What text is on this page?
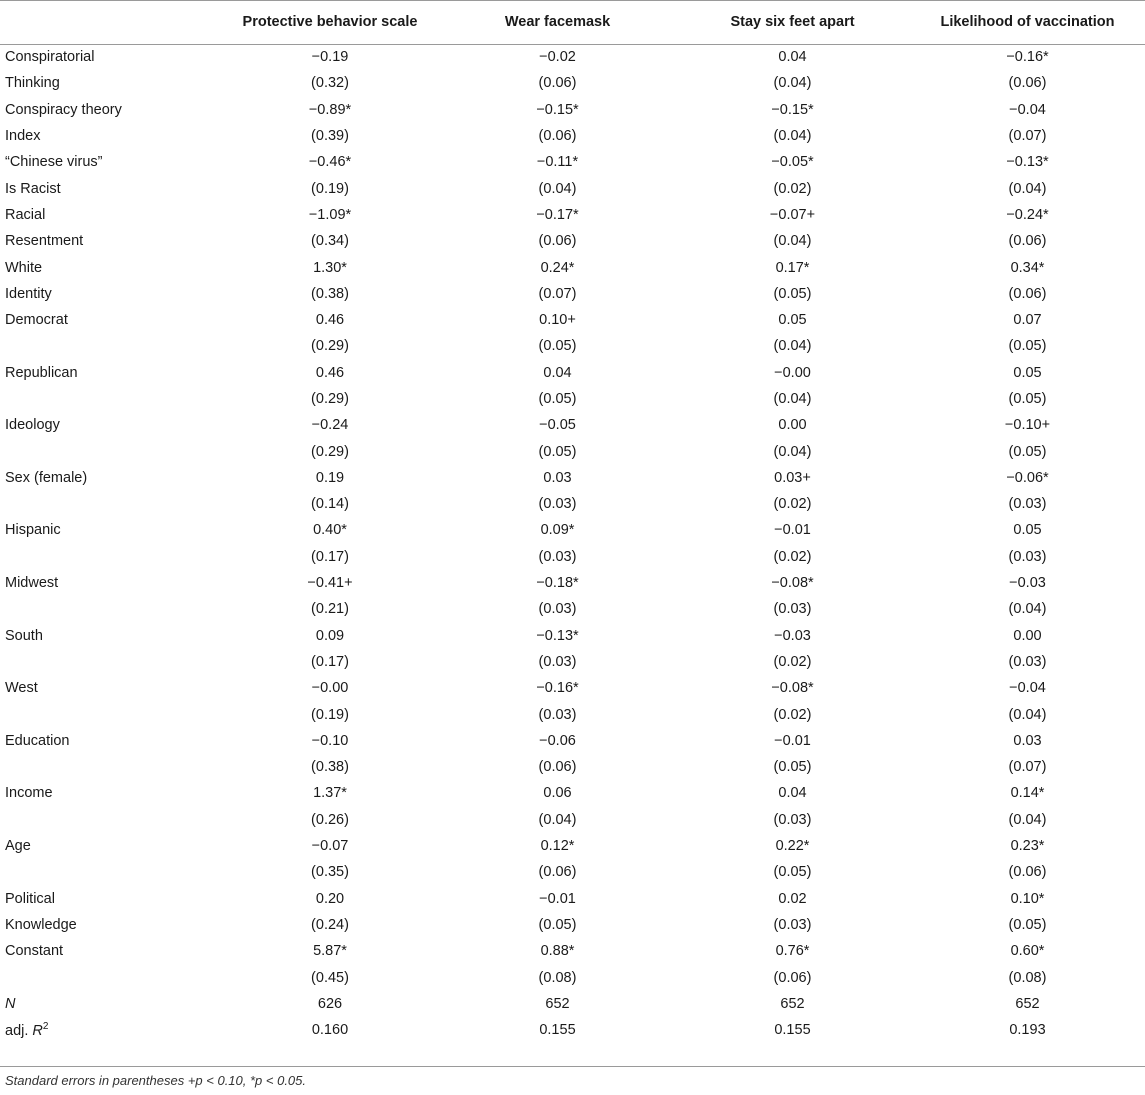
	Protective behavior scale	Wear facemask	Stay six feet apart	Likelihood of vaccination
Conspiratorial	−0.19	−0.02	0.04	−0.16*
Thinking	(0.32)	(0.06)	(0.04)	(0.06)
Conspiracy theory	−0.89*	−0.15*	−0.15*	−0.04
Index	(0.39)	(0.06)	(0.04)	(0.07)
“Chinese virus”	−0.46*	−0.11*	−0.05*	−0.13*
Is Racist	(0.19)	(0.04)	(0.02)	(0.04)
Racial	−1.09*	−0.17*	−0.07+	−0.24*
Resentment	(0.34)	(0.06)	(0.04)	(0.06)
White	1.30*	0.24*	0.17*	0.34*
Identity	(0.38)	(0.07)	(0.05)	(0.06)
Democrat	0.46	0.10+	0.05	0.07
	(0.29)	(0.05)	(0.04)	(0.05)
Republican	0.46	0.04	−0.00	0.05
	(0.29)	(0.05)	(0.04)	(0.05)
Ideology	−0.24	−0.05	0.00	−0.10+
	(0.29)	(0.05)	(0.04)	(0.05)
Sex (female)	0.19	0.03	0.03+	−0.06*
	(0.14)	(0.03)	(0.02)	(0.03)
Hispanic	0.40*	0.09*	−0.01	0.05
	(0.17)	(0.03)	(0.02)	(0.03)
Midwest	−0.41+	−0.18*	−0.08*	−0.03
	(0.21)	(0.03)	(0.03)	(0.04)
South	0.09	−0.13*	−0.03	0.00
	(0.17)	(0.03)	(0.02)	(0.03)
West	−0.00	−0.16*	−0.08*	−0.04
	(0.19)	(0.03)	(0.02)	(0.04)
Education	−0.10	−0.06	−0.01	0.03
	(0.38)	(0.06)	(0.05)	(0.07)
Income	1.37*	0.06	0.04	0.14*
	(0.26)	(0.04)	(0.03)	(0.04)
Age	−0.07	0.12*	0.22*	0.23*
	(0.35)	(0.06)	(0.05)	(0.06)
Political	0.20	−0.01	0.02	0.10*
Knowledge	(0.24)	(0.05)	(0.03)	(0.05)
Constant	5.87*	0.88*	0.76*	0.60*
	(0.45)	(0.08)	(0.06)	(0.08)
N	626	652	652	652
adj. $R^2$	0.160	0.155	0.155	0.193
Standard errors in parentheses +p < 0.10, *p < 0.05.
